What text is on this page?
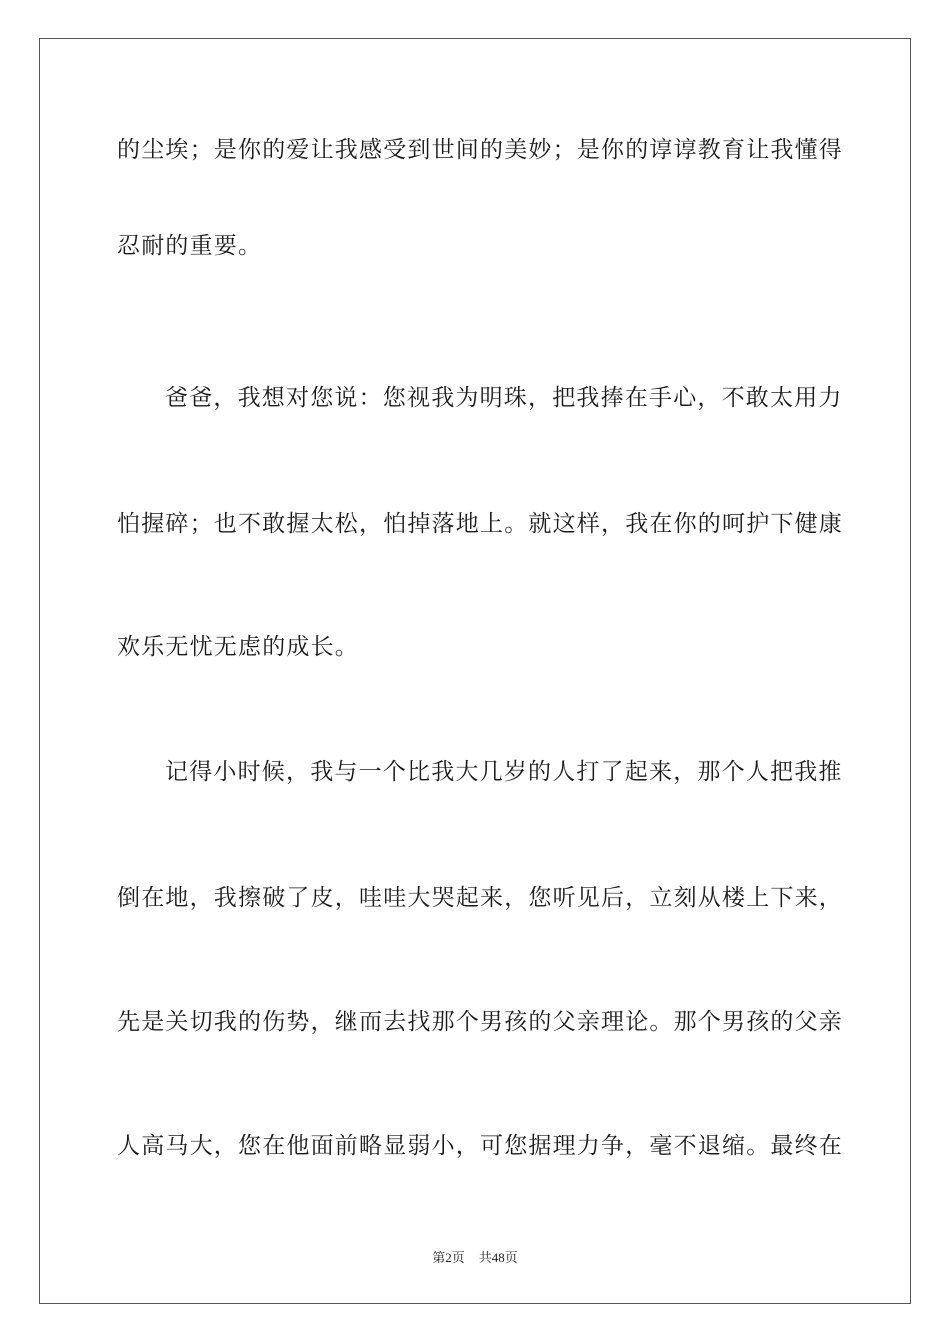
的尘埃；是你的爱让我感受到世间的美妙；是你的谆谆教育让我懂得
忍耐的重要。
爸爸，我想对您说：您视我为明珠，把我捧在手心，不敢太用力
怕握碎；也不敢握太松，怕掉落地上。就这样，我在你的呵护下健康
欢乐无忧无虑的成长。
记得小时候，我与一个比我大几岁的人打了起来，那个人把我推
倒在地，我擦破了皮，哇哇大哭起来，您听见后，立刻从楼上下来，
先是关切我的伤势，继而去找那个男孩的父亲理论。那个男孩的父亲
人高马大，您在他面前略显弱小，可您据理力争，毫不退缩。最终在
第2页 共48页
